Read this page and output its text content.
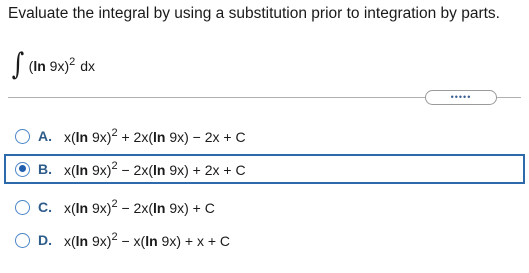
Evaluate the integral by using a substitution prior to integration by parts.
∫ (ln 9x)$^2$ dx
•••••
A. x(ln 9x)$^2$ + 2x(ln 9x) − 2x + C
B. x(ln 9x)$^2$ − 2x(ln 9x) + 2x + C
C. x(ln 9x)$^2$ − 2x(ln 9x) + C
D. x(ln 9x)$^2$ − x(ln 9x) + x + C
